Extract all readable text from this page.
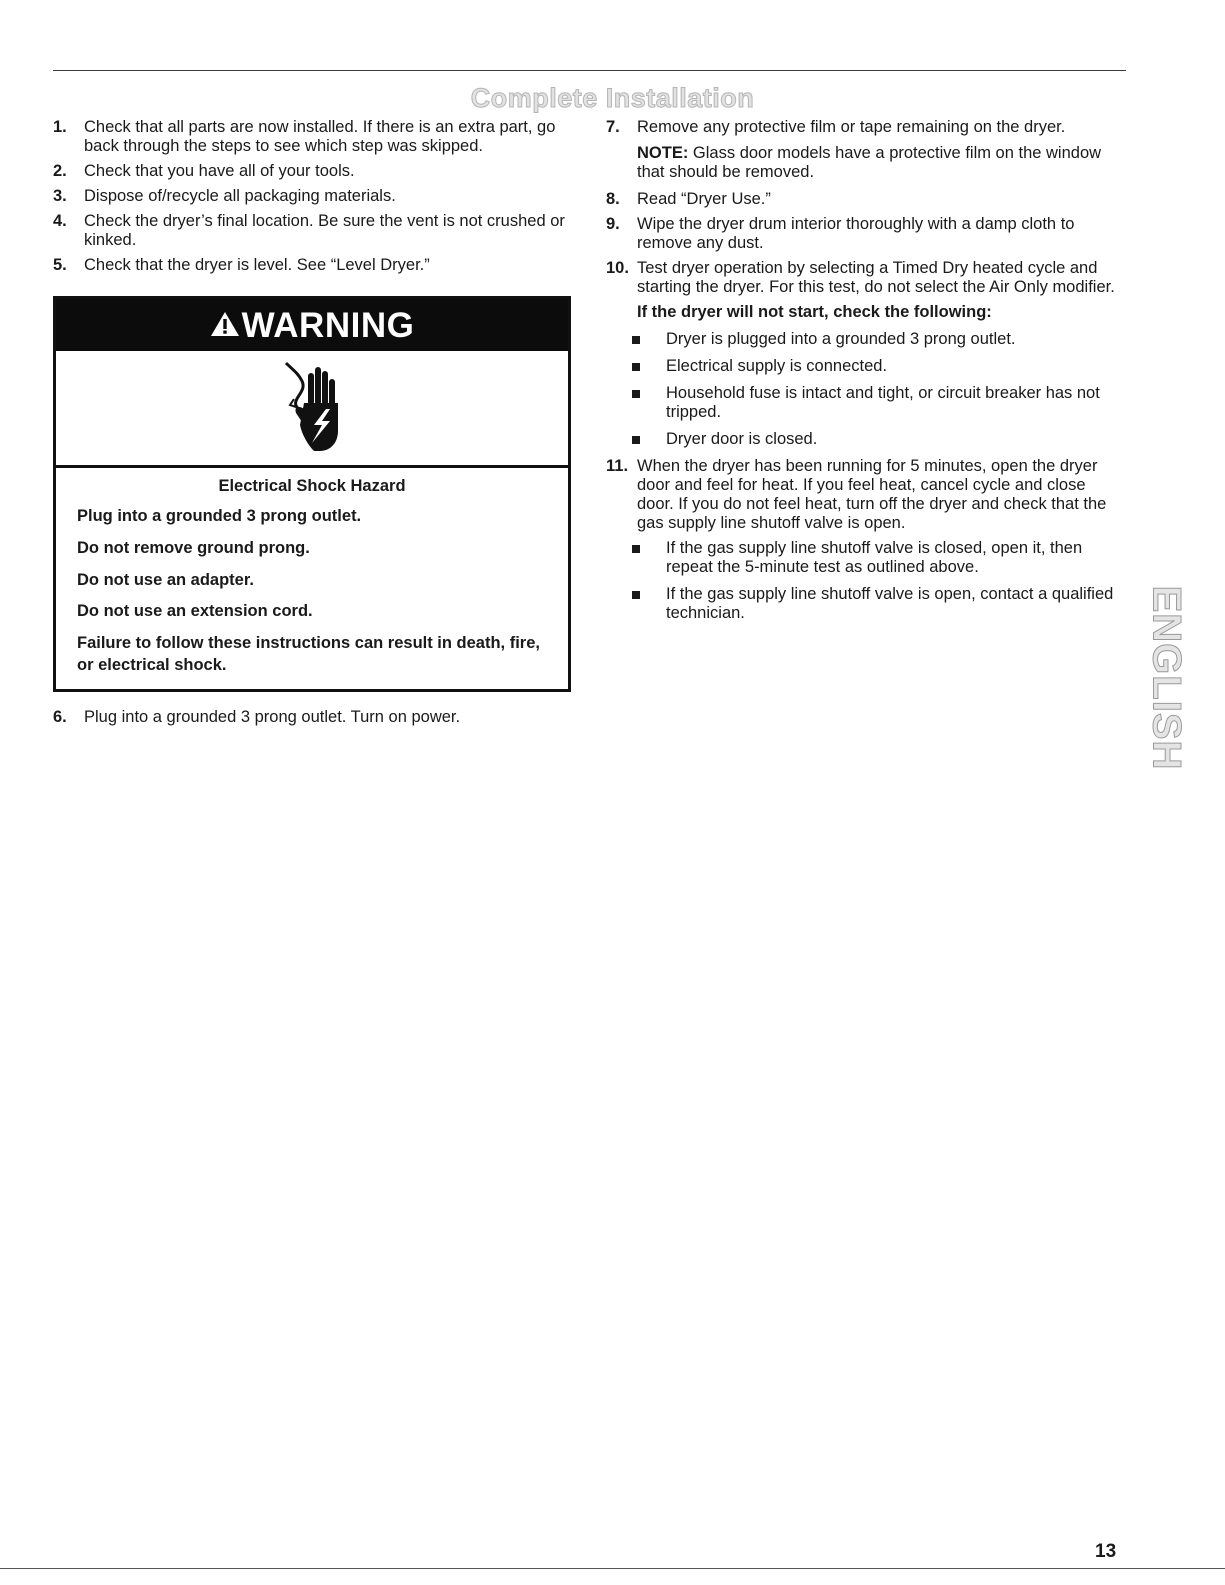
Complete Installation
1. Check that all parts are now installed. If there is an extra part, go back through the steps to see which step was skipped.
2. Check that you have all of your tools.
3. Dispose of/recycle all packaging materials.
4. Check the dryer’s final location. Be sure the vent is not crushed or kinked.
5. Check that the dryer is level. See “Level Dryer.”
WARNING
Electrical Shock Hazard
Plug into a grounded 3 prong outlet.
Do not remove ground prong.
Do not use an adapter.
Do not use an extension cord.
Failure to follow these instructions can result in death, fire, or electrical shock.
6. Plug into a grounded 3 prong outlet. Turn on power.
7. Remove any protective film or tape remaining on the dryer.
NOTE: Glass door models have a protective film on the window that should be removed.
8. Read “Dryer Use.”
9. Wipe the dryer drum interior thoroughly with a damp cloth to remove any dust.
10. Test dryer operation by selecting a Timed Dry heated cycle and starting the dryer. For this test, do not select the Air Only modifier.
If the dryer will not start, check the following:
Dryer is plugged into a grounded 3 prong outlet.
Electrical supply is connected.
Household fuse is intact and tight, or circuit breaker has not tripped.
Dryer door is closed.
11. When the dryer has been running for 5 minutes, open the dryer door and feel for heat. If you feel heat, cancel cycle and close door. If you do not feel heat, turn off the dryer and check that the gas supply line shutoff valve is open.
If the gas supply line shutoff valve is closed, open it, then repeat the 5-minute test as outlined above.
If the gas supply line shutoff valve is open, contact a qualified technician.	ENGLISH
13
